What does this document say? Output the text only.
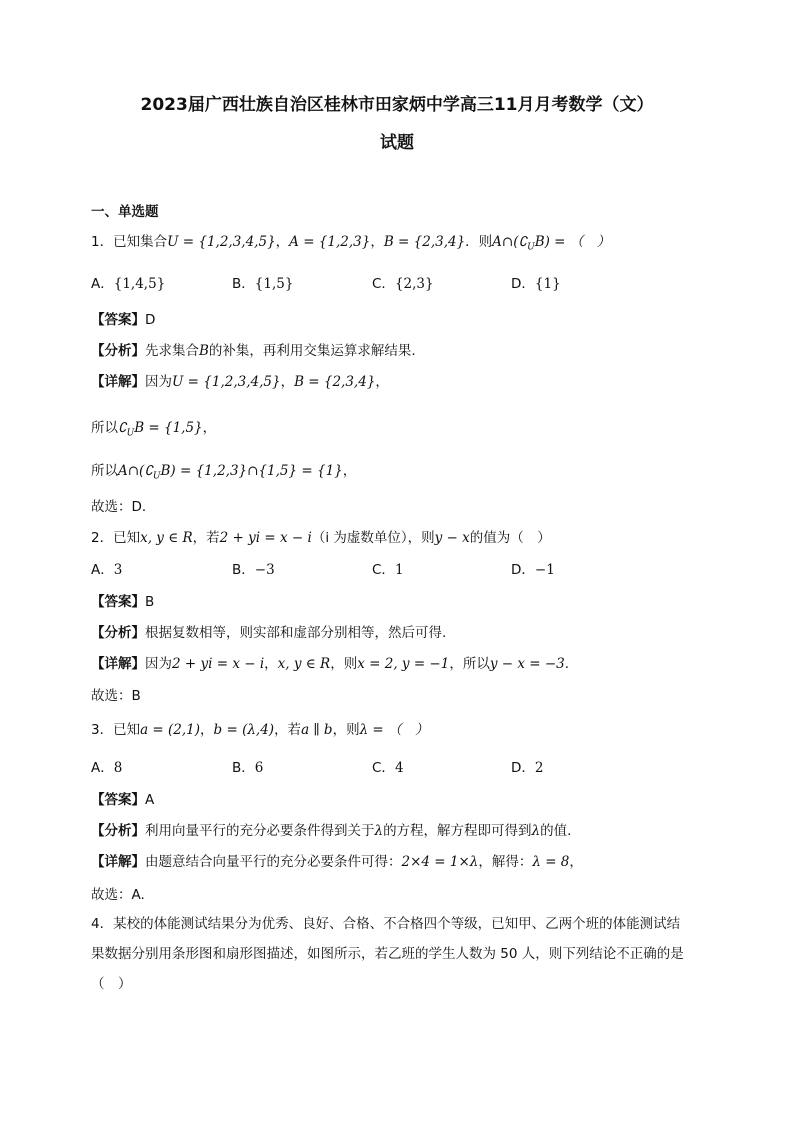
2023届广西壮族自治区桂林市田家炳中学高三11月月考数学（文）
试题
一、单选题
1．已知集合U = {1,2,3,4,5}，A = {1,2,3}，B = {2,3,4}．则$A\cap(∁_UB)$ = （　）
A．{1,4,5}	B．{1,5}	C．{2,3}	D．{1}
【答案】D
【分析】先求集合B的补集，再利用交集运算求解结果.
【详解】因为U = {1,2,3,4,5}，B = {2,3,4}，
所以$∁_UB = \{1,5\}$，
所以$A\cap(∁_UB)$ = {1,2,3}∩{1,5} = {1}，
故选：D．
2．已知x, y ∈ R，若2 + yi = x − i（i 为虚数单位），则y − x的值为（　）
A．3	B．−3	C．1	D．−1
【答案】B
【分析】根据复数相等，则实部和虚部分别相等，然后可得.
【详解】因为2 + yi = x − i，x, y ∈ R，则x = 2, y = −1，所以y − x = −3.
故选：B
3．已知a = (2,1)，b = (λ,4)，若a ∥ b，则λ = （　）
A．8	B．6	C．4	D．2
【答案】A
【分析】利用向量平行的充分必要条件得到关于λ的方程，解方程即可得到λ的值.
【详解】由题意结合向量平行的充分必要条件可得：2×4 = 1×λ，解得：λ = 8，
故选：A.
4．某校的体能测试结果分为优秀、良好、合格、不合格四个等级，已知甲、乙两个班的体能测试结
果数据分别用条形图和扇形图描述，如图所示，若乙班的学生人数为 50 人，则下列结论不正确的是
（　）
